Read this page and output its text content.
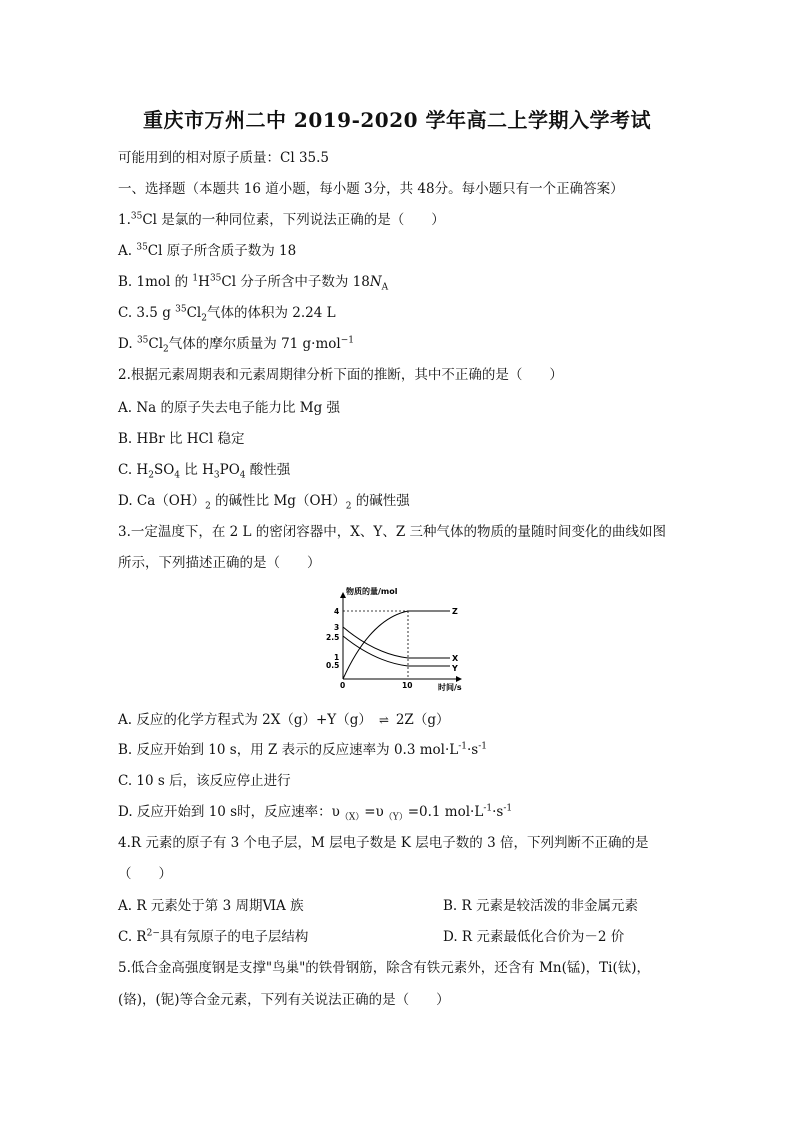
重庆市万州二中 2019-2020 学年高二上学期入学考试
可能用到的相对原子质量：Cl 35.5
一、选择题（本题共 16 道小题，每小题 3分，共 48分。每小题只有一个正确答案）
1.35Cl 是氯的一种同位素，下列说法正确的是（　　）
A. $^{35}$Cl 原子所含质子数为 18
B. 1mol 的 $^1H^{35}Cl$ 分子所含中子数为 $18N_A$
C. 3.5 g $^{35}Cl_2$气体的体积为 2.24 L
D. $^{35}Cl_2$气体的摩尔质量为 71 g·mol$^{-1}$
2.根据元素周期表和元素周期律分析下面的推断，其中不正确的是（　　）
A. Na 的原子失去电子能力比 Mg 强
B. HBr 比 HCl 稳定
C. $H_2SO_4$ 比 $H_3PO_4$ 酸性强
D. $Ca(OH)_2$ 的碱性比 $Mg(OH)_2$ 的碱性强
3.一定温度下，在 2 L 的密闭容器中，X、Y、Z 三种气体的物质的量随时间变化的曲线如图
所示，下列描述正确的是（　　）
物质的量/mol
时间/s
4
3
2.5
1
0.5
0	10
Z
X
Y
A. 反应的化学方程式为 2X（g）+Y（g） ⇌ 2Z（g）
B. 反应开始到 10 s，用 Z 表示的反应速率为 0.3 $mol\cdot L^{-1}\cdot s^{-1}$
C. 10 s 后，该反应停止进行
D. 反应开始到 10 s时，反应速率：$\upsilon_{(X)}=\upsilon_{(Y)}=0.1$ $mol\cdot L^{-1}\cdot s^{-1}$
4.R 元素的原子有 3 个电子层，M 层电子数是 K 层电子数的 3 倍，下列判断不正确的是
（　　）
A. R 元素处于第 3 周期ⅥA 族	B. R 元素是较活泼的非金属元素
C. $R^{2-}$具有氖原子的电子层结构	D. R 元素最低化合价为－2 价
5.低合金高强度钢是支撑"鸟巢"的铁骨钢筋，除含有铁元素外，还含有 Mn(锰)，Ti(钛)，
(铬)，(铌)等合金元素，下列有关说法正确的是（　　）
